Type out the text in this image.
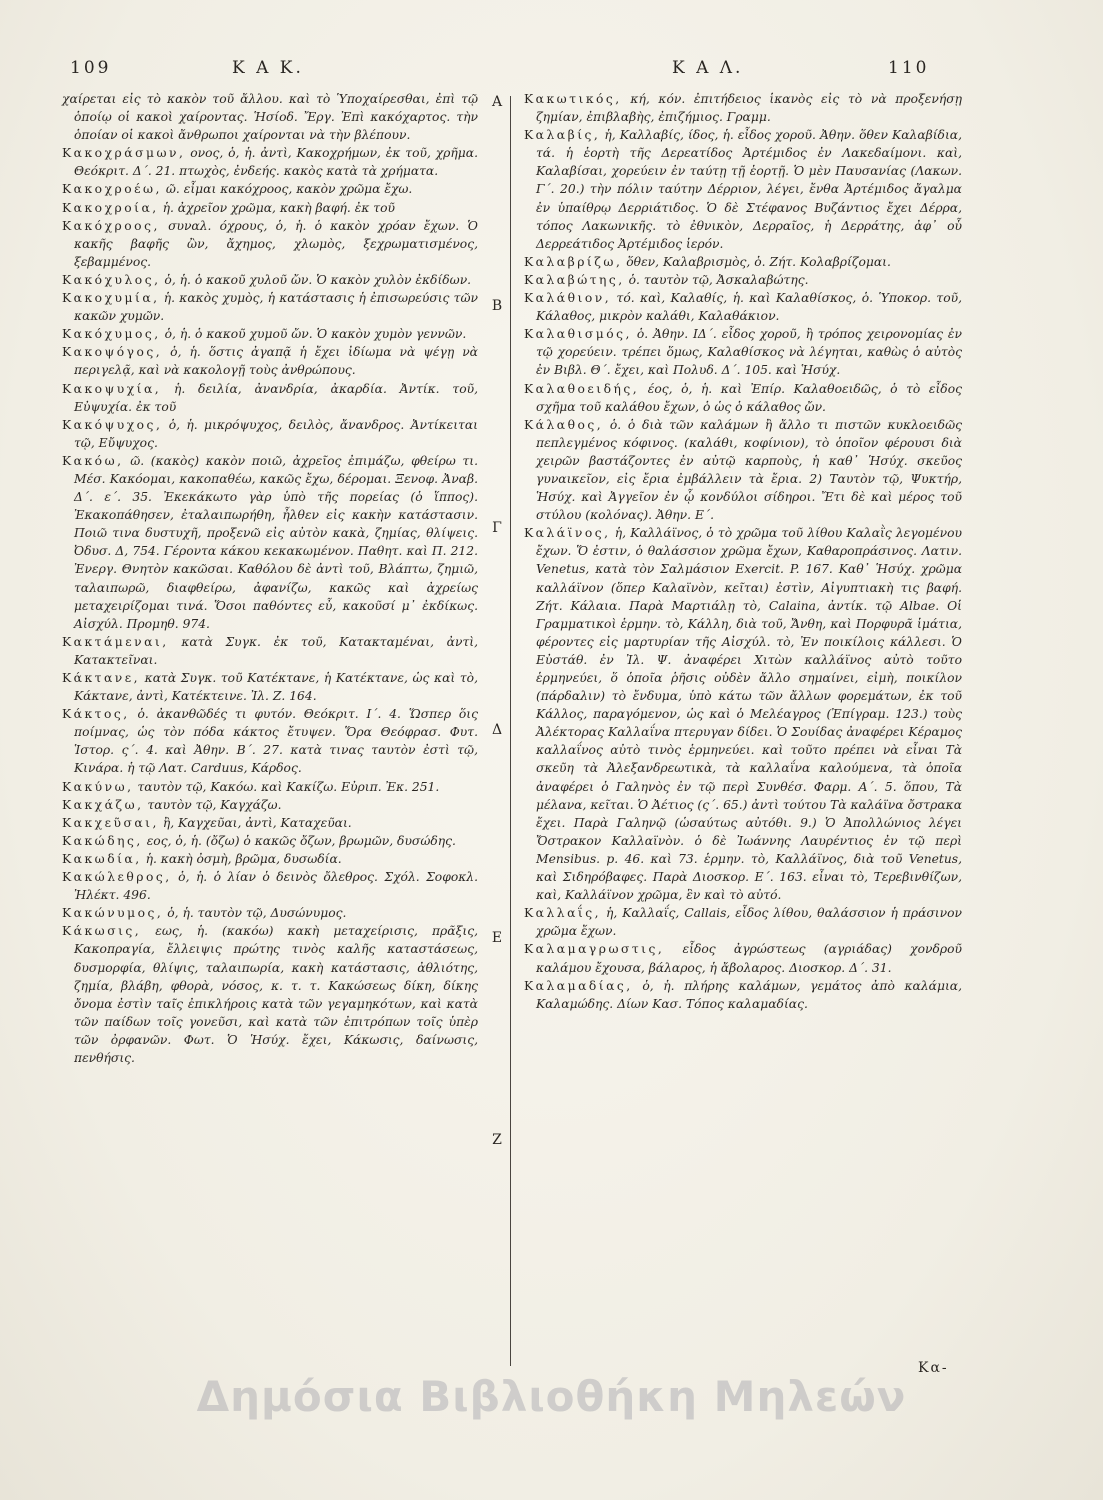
109	Κ Α Κ.	Κ Α Λ.	110

χαίρεται εἰς τὸ κακὸν τοῦ ἄλλου. καὶ τὸ Ὑποχαίρεσθαι, ἐπὶ τῷ ὁποίῳ οἱ κακοὶ χαίροντας. Ἡσίοδ. Ἔργ. Ἐπὶ κακόχαρτος. τὴν ὁποίαν οἱ κακοὶ ἄνθρωποι χαίρονται νὰ τὴν βλέπουν.

Κακοχράσμων, ονος, ὁ, ἡ. ἀντὶ, Κακοχρήμων, ἐκ τοῦ, χρῆμα. Θεόκριτ. Δ΄. 21. πτωχὸς, ἐνδεής. κακὸς κατὰ τὰ χρήματα.

Κακοχροέω, ῶ. εἶμαι κακόχροος, κακὸν χρῶμα ἔχω.

Κακοχροία, ἡ. ἀχρεῖον χρῶμα, κακὴ βαφή. ἐκ τοῦ

Κακόχροος, συναλ. όχρους, ὁ, ἡ. ὁ κακὸν χρόαν ἔχων. Ὁ κακῆς βαφῆς ὢν, ἄχημος, χλωμὸς, ξεχρωματισμένος, ξεβαμμένος.

Κακόχυλος, ὁ, ἡ. ὁ κακοῦ χυλοῦ ὤν. Ὁ κακὸν χυλὸν ἐκδίδων.

Κακοχυμία, ἡ. κακὸς χυμὸς, ἡ κατάστασις ἡ ἐπισωρεύσις τῶν κακῶν χυμῶν.

Κακόχυμος, ὁ, ἡ. ὁ κακοῦ χυμοῦ ὤν. Ὁ κακὸν χυμὸν γεννῶν.

Κακοψόγος, ὁ, ἡ. ὅστις ἀγαπᾷ ἡ ἔχει ἰδίωμα νὰ ψέγῃ νὰ περιγελᾷ, καὶ νὰ κακολογῇ τοὺς ἀνθρώπους.

Κακοψυχία, ἡ. δειλία, ἀνανδρία, ἀκαρδία. Ἀντίκ. τοῦ, Εὐψυχία. ἐκ τοῦ

Κακόψυχος, ὁ, ἡ. μικρόψυχος, δειλὸς, ἄνανδρος. Ἀντίκειται τῷ, Εὔψυχος.

Κακόω, ῶ. (κακὸς) κακὸν ποιῶ, ἀχρεῖος ἐπιμάζω, φθείρω τι. Μέσ. Κακόομαι, κακοπαθέω, κακῶς ἔχω, δέρομαι. Ξενοφ. Ἀναβ. Δ΄. ε΄. 35. Ἐκεκάκωτο γὰρ ὑπὸ τῆς πορείας (ὁ ἵππος). Ἐκακοπάθησεν, ἐταλαιπωρήθη, ἦλθεν εἰς κακὴν κατάστασιν. Ποιῶ τινα δυστυχῆ, προξενῶ εἰς αὐτὸν κακὰ, ζημίας, θλίψεις. Ὀδυσ. Δ, 754. Γέροντα κάκου κεκακωμένον. Παθητ. καὶ Π. 212. Ἐνεργ. Θνητὸν κακῶσαι. Καθόλου δὲ ἀντὶ τοῦ, Βλάπτω, ζημιῶ, ταλαιπωρῶ, διαφθείρω, ἀφανίζω, κακῶς καὶ ἀχρείως μεταχειρίζομαι τινά. Ὅσοι παθόντες εὖ, κακοῦσί μ᾽ ἐκδίκως. Αἰσχύλ. Προμηθ. 974.

Κακτάμεναι, κατὰ Συγκ. ἐκ τοῦ, Κατακταμέναι, ἀντὶ, Κατακτεῖναι.

Κάκτανε, κατὰ Συγκ. τοῦ Κατέκτανε, ἡ Κατέκτανε, ὡς καὶ τὸ, Κάκτανε, ἀντὶ, Κατέκτεινε. Ἰλ. Ζ. 164.

Κάκτος, ὁ. ἀκανθῶδές τι φυτόν. Θεόκριτ. Ι΄. 4. Ὥσπερ ὅις ποίμνας, ὡς τὸν πόδα κάκτος ἔτυψεν. Ὅρα Θεόφρασ. Φυτ. Ἱστορ. ς΄. 4. καὶ Ἀθην. Β΄. 27. κατὰ τινας ταυτὸν ἐστὶ τῷ, Κινάρα. ἡ τῷ Λατ. Carduus, Κάρδος.

Κακύνω, ταυτὸν τῷ, Κακόω. καὶ Κακίζω. Εὐριπ. Ἐκ. 251.

Κακχάζω, ταυτὸν τῷ, Καγχάζω.

Κακχεῦσαι, ἢ, Καγχεῦαι, ἀντὶ, Καταχεῦαι.

Κακώδης, εος, ὁ, ἡ. (ὄζω) ὁ κακῶς ὄζων, βρωμῶν, δυσώδης.

Κακωδία, ἡ. κακὴ ὀσμὴ, βρῶμα, δυσωδία.

Κακώλεθρος, ὁ, ἡ. ὁ λίαν ὁ δεινὸς ὄλεθρος. Σχόλ. Σοφοκλ. Ἠλέκτ. 496.

Κακώνυμος, ὁ, ἡ. ταυτὸν τῷ, Δυσώνυμος.

Κάκωσις, εως, ἡ. (κακόω) κακὴ μεταχείρισις, πρᾶξις, Κακοπραγία, ἔλλειψις πρώτης τινὸς καλῆς καταστάσεως, δυσμορφία, θλίψις, ταλαιπωρία, κακὴ κατάστασις, ἀθλιότης, ζημία, βλάβη, φθορὰ, νόσος, κ. τ. τ. Κακώσεως δίκη, δίκης ὄνομα ἐστὶν ταῖς ἐπικλήροις κατὰ τῶν γεγαμηκότων, καὶ κατὰ τῶν παίδων τοῖς γονεῦσι, καὶ κατὰ τῶν ἐπιτρόπων τοῖς ὑπὲρ τῶν ὀρφανῶν. Φωτ. Ὁ Ἡσύχ. ἔχει, Κάκωσις, δαίνωσις, πενθήσις.

Α
Β
Γ
Δ
Ε
Ζ

Κακωτικός, κή, κόν. ἐπιτήδειος ἱκανὸς εἰς τὸ νὰ προξενήσῃ ζημίαν, ἐπιβλαβὴς, ἐπιζήμιος. Γραμμ.

Καλαβίς, ἡ, Καλλαβίς, ίδος, ἡ. εἶδος χοροῦ. Ἀθην. ὅθεν Καλαβίδια, τά. ἡ ἑορτὴ τῆς Δερεατίδος Ἀρτέμιδος ἐν Λακεδαίμονι. καὶ, Καλαβίσαι, χορεύειν ἐν ταύτῃ τῇ ἑορτῇ. Ὁ μὲν Παυσανίας (Λακων. Γ΄. 20.) τὴν πόλιν ταύτην Δέρριον, λέγει, ἔνθα Ἀρτέμιδος ἄγαλμα ἐν ὑπαίθρῳ Δερριάτιδος. Ὁ δὲ Στέφανος Βυζάντιος ἔχει Δέρρα, τόπος Λακωνικῆς. τὸ ἐθνικὸν, Δερραῖος, ἡ Δερράτης, ἀφ᾽ οὗ Δερρεάτιδος Ἀρτέμιδος ἱερόν.

Καλαβρίζω, ὅθεν, Καλαβρισμὸς, ὁ. Ζήτ. Κολαβρίζομαι.

Καλαβώτης, ὁ. ταυτὸν τῷ, Ἀσκαλαβώτης.

Καλάθιον, τό. καὶ, Καλαθίς, ἡ. καὶ Καλαθίσκος, ὁ. Ὑποκορ. τοῦ, Κάλαθος, μικρὸν καλάθι, Καλαθάκιον.

Καλαθισμός, ὁ. Ἀθην. ΙΔ΄. εἶδος χοροῦ, ἢ τρόπος χειρονομίας ἐν τῷ χορεύειν. τρέπει ὅμως, Καλαθίσκος νὰ λέγηται, καθὼς ὁ αὐτὸς ἐν Βιβλ. Θ΄. ἔχει, καὶ Πολυδ. Δ΄. 105. καὶ Ἡσύχ.

Καλαθοειδής, έος, ὁ, ἡ. καὶ Ἐπίρ. Καλαθοειδῶς, ὁ τὸ εἶδος σχῆμα τοῦ καλάθου ἔχων, ὁ ὡς ὁ κάλαθος ὤν.

Κάλαθος, ὁ. ὁ διὰ τῶν καλάμων ἢ ἄλλο τι πιστῶν κυκλοειδῶς πεπλεγμένος κόφινος. (καλάθι, κοφίνιον), τὸ ὁποῖον φέρουσι διὰ χειρῶν βαστάζοντες ἐν αὐτῷ καρποὺς, ἡ καθ᾽ Ἡσύχ. σκεῦος γυναικεῖον, εἰς ἔρια ἐμβάλλειν τὰ ἔρια. 2) Ταυτὸν τῷ, Ψυκτήρ, Ἡσύχ. καὶ Ἀγγεῖον ἐν ᾧ κονδύλοι σίδηροι. Ἔτι δὲ καὶ μέρος τοῦ στύλου (κολόνας). Ἀθην. Ε΄.

Καλάϊνος, ἡ, Καλλάϊνος, ὁ τὸ χρῶμα τοῦ λίθου Καλαῒς λεγομένου ἔχων. Ὅ ἐστιν, ὁ θαλάσσιον χρῶμα ἔχων, Καθαροπράσινος. Λατιν. Venetus, κατὰ τὸν Σαλμάσιον Exercit. P. 167. Καθ᾽ Ἡσύχ. χρῶμα καλλάϊνον (ὅπερ Καλαϊνὸν, κεῖται) ἐστὶν, Αἰγυπτιακὴ τις βαφή. Ζήτ. Κάλαια. Παρὰ Μαρτιάλῃ τὸ, Calaina, ἀντίκ. τῷ Albae. Οἱ Γραμματικοὶ ἑρμην. τὸ, Κάλλη, διὰ τοῦ, Ἄνθη, καὶ Πορφυρᾶ ἱμάτια, φέροντες εἰς μαρτυρίαν τῆς Αἰσχύλ. τὸ, Ἐν ποικίλοις κάλλεσι. Ὁ Εὐστάθ. ἐν Ἰλ. Ψ. ἀναφέρει Χιτὼν καλλάϊνος αὐτὸ τοῦτο ἑρμηνεύει, ὅ ὁποῖα ῥῆσις οὐδὲν ἄλλο σημαίνει, εἰμὴ, ποικίλον (πάρδαλιν) τὸ ἔνδυμα, ὑπὸ κάτω τῶν ἄλλων φορεμάτων, ἐκ τοῦ Κάλλος, παραγόμενον, ὡς καὶ ὁ Μελέαγρος (Ἐπίγραμ. 123.) τοὺς Ἀλέκτορας Καλλαΐνα πτερυγαν δίδει. Ὁ Σουίδας ἀναφέρει Κέραμος καλλαΐνος αὐτὸ τινὸς ἑρμηνεύει. καὶ τοῦτο πρέπει νὰ εἶναι Τὰ σκεῦη τὰ Ἀλεξανδρεωτικὰ, τὰ καλλαΐνα καλούμενα, τὰ ὁποῖα ἀναφέρει ὁ Γαληνὸς ἐν τῷ περὶ Συνθέσ. Φαρμ. Α΄. 5. ὅπου, Τὰ μέλανα, κεῖται. Ὁ Ἀέτιος (ς΄. 65.) ἀντὶ τούτου Τὰ καλάϊνα ὄστρακα ἔχει. Παρὰ Γαληνῷ (ὡσαύτως αὐτόθι. 9.) Ὁ Ἀπολλώνιος λέγει Ὄστρακον Καλλαϊνὸν. ὁ δὲ Ἰωάννης Λαυρέντιος ἐν τῷ περὶ Mensibus. p. 46. καὶ 73. ἑρμην. τὸ, Καλλάϊνος, διὰ τοῦ Venetus, καὶ Σιδηρόβαφες. Παρὰ Διοσκορ. Ε΄. 163. εἶναι τὸ, Τερεβινθίζων, καὶ, Καλλάϊνον χρῶμα, ἓν καὶ τὸ αὐτό.

Καλλαΐς, ἡ, Καλλαΐς, Callais, εἶδος λίθου, θαλάσσιον ἡ πράσινον χρῶμα ἔχων.

Καλαμαγρωστις, εἶδος ἀγρώστεως (αγριάδας) χονδροῦ καλάμου ἔχουσα, βάλαρος, ἡ ἄβολαρος. Διοσκορ. Δ΄. 31.

Καλαμαδίας, ὁ, ἡ. πλήρης καλάμων, γεμάτος ἀπὸ καλάμια, Καλαμώδης. Δίων Κασ. Τόπος καλαμαδίας.

Κα-
Δημόσια Βιβλιοθήκη Μηλεών
